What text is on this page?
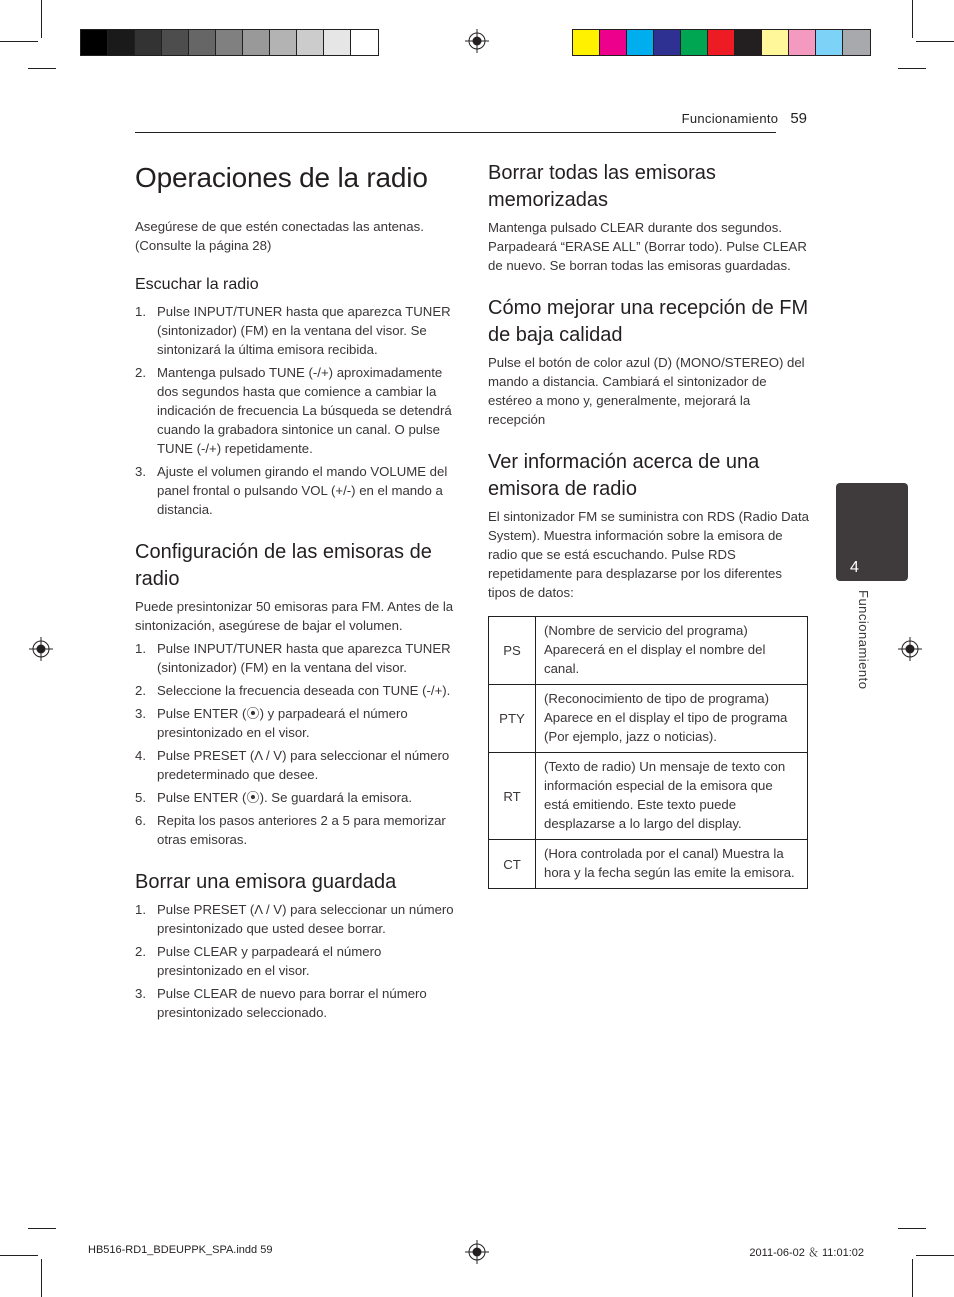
Funcionamiento 59
Operaciones de la radio

Asegúrese de que estén conectadas las antenas. (Consulte la página 28)

Escuchar la radio
1. Pulse INPUT/TUNER hasta que aparezca TUNER (sintonizador) (FM) en la ventana del visor. Se sintonizará la última emisora recibida.
2. Mantenga pulsado TUNE (-/+) aproximadamente dos segundos hasta que comience a cambiar la indicación de frecuencia La búsqueda se detendrá cuando la grabadora sintonice un canal. O pulse TUNE (-/+) repetidamente.
3. Ajuste el volumen girando el mando VOLUME del panel frontal o pulsando VOL (+/-) en el mando a distancia.
Configuración de las emisoras de radio

Puede presintonizar 50 emisoras para FM. Antes de la sintonización, asegúrese de bajar el volumen.

1. Pulse INPUT/TUNER hasta que aparezca TUNER (sintonizador) (FM) en la ventana del visor.
2. Seleccione la frecuencia deseada con TUNE (-/+).
3. Pulse ENTER (⦿) y parpadeará el número presintonizado en el visor.
4. Pulse PRESET (Λ / V) para seleccionar el número predeterminado que desee.
5. Pulse ENTER (⦿). Se guardará la emisora.
6. Repita los pasos anteriores 2 a 5 para memorizar otras emisoras.
Borrar una emisora guardada
1. Pulse PRESET (Λ / V) para seleccionar un número presintonizado que usted desee borrar.
2. Pulse CLEAR y parpadeará el número presintonizado en el visor.
3. Pulse CLEAR de nuevo para borrar el número presintonizado seleccionado.
Borrar todas las emisoras memorizadas

Mantenga pulsado CLEAR durante dos segundos. Parpadeará “ERASE ALL” (Borrar todo). Pulse CLEAR de nuevo. Se borran todas las emisoras guardadas.

Cómo mejorar una recepción de FM de baja calidad

Pulse el botón de color azul (D) (MONO/STEREO) del mando a distancia. Cambiará el sintonizador de estéreo a mono y, generalmente, mejorará la recepción

Ver información acerca de una emisora de radio

El sintonizador FM se suministra con RDS (Radio Data System). Muestra información sobre la emisora de radio que se está escuchando. Pulse RDS repetidamente para desplazarse por los diferentes tipos de datos:

PS	(Nombre de servicio del programa) Aparecerá en el display el nombre del canal.
PTY	(Reconocimiento de tipo de programa) Aparece en el display el tipo de programa (Por ejemplo, jazz o noticias).
RT	(Texto de radio) Un mensaje de texto con información especial de la emisora que está emitiendo. Este texto puede desplazarse a lo largo del display.
CT	(Hora controlada por el canal) Muestra la hora y la fecha según las emite la emisora.
4
Funcionamiento
HB516-RD1_BDEUPPK_SPA.indd 59	2011-06-02 ＆ 11:01:02
